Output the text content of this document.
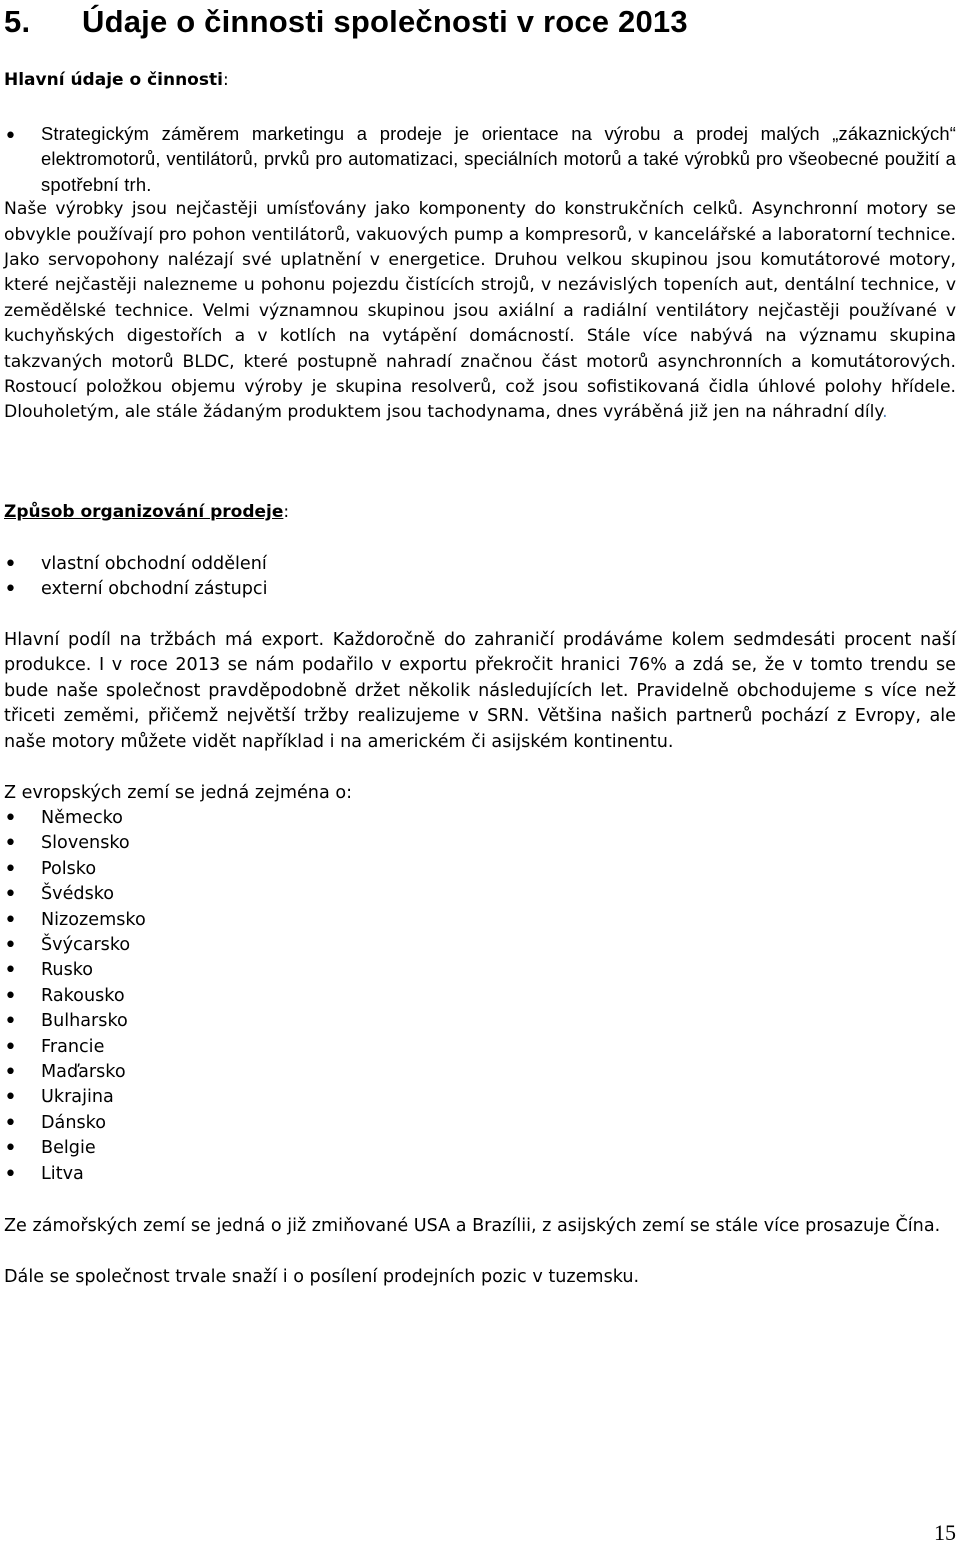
5. Údaje o činnosti společnosti v roce 2013
Hlavní údaje o činnosti:
•	Strategickým záměrem marketingu a prodeje je orientace na výrobu a prodej malých „zákaznických“ elektromotorů, ventilátorů, prvků pro automatizaci, speciálních motorů a také výrobků pro všeobecné použití a spotřební trh.
Naše výrobky jsou nejčastěji umísťovány jako komponenty do konstrukčních celků. Asynchronní motory se obvykle používají pro pohon ventilátorů, vakuových pump a kompresorů, v kancelářské a laboratorní technice. Jako servopohony nalézají své uplatnění v energetice. Druhou velkou skupinou jsou komutátorové motory, které nejčastěji nalezneme u pohonu pojezdu čistících strojů, v nezávislých topeních aut, dentální technice, v zemědělské technice. Velmi významnou skupinou jsou axiální a radiální ventilátory nejčastěji používané v kuchyňských digestořích a v kotlích na vytápění domácností. Stále více nabývá na významu skupina takzvaných motorů BLDC, které postupně nahradí značnou část motorů asynchronních a komutátorových. Rostoucí položkou objemu výroby je skupina resolverů, což jsou sofistikovaná čidla úhlové polohy hřídele. Dlouholetým, ale stále žádaným produktem jsou tachodynama, dnes vyráběná již jen na náhradní díly.

Způsob organizování prodeje:
• vlastní obchodní oddělení
• externí obchodní zástupci

Hlavní podíl na tržbách má export. Každoročně do zahraničí prodáváme kolem sedmdesáti procent naší produkce. I v roce 2013 se nám podařilo v exportu překročit hranici 76% a zdá se, že v tomto trendu se bude naše společnost pravděpodobně držet několik následujících let. Pravidelně obchodujeme s více než třiceti zeměmi, přičemž největší tržby realizujeme v SRN. Většina našich partnerů pochází z Evropy, ale naše motory můžete vidět například i na americkém či asijském kontinentu.

Z evropských zemí se jedná zejména o:

• Německo
• Slovensko
• Polsko
• Švédsko
• Nizozemsko
• Švýcarsko
• Rusko
• Rakousko
• Bulharsko
• Francie
• Maďarsko
• Ukrajina
• Dánsko
• Belgie
• Litva

Ze zámořských zemí se jedná o již zmiňované USA a Brazílii, z asijských zemí se stále více prosazuje Čína.

Dále se společnost trvale snaží i o posílení prodejních pozic v tuzemsku.

15
